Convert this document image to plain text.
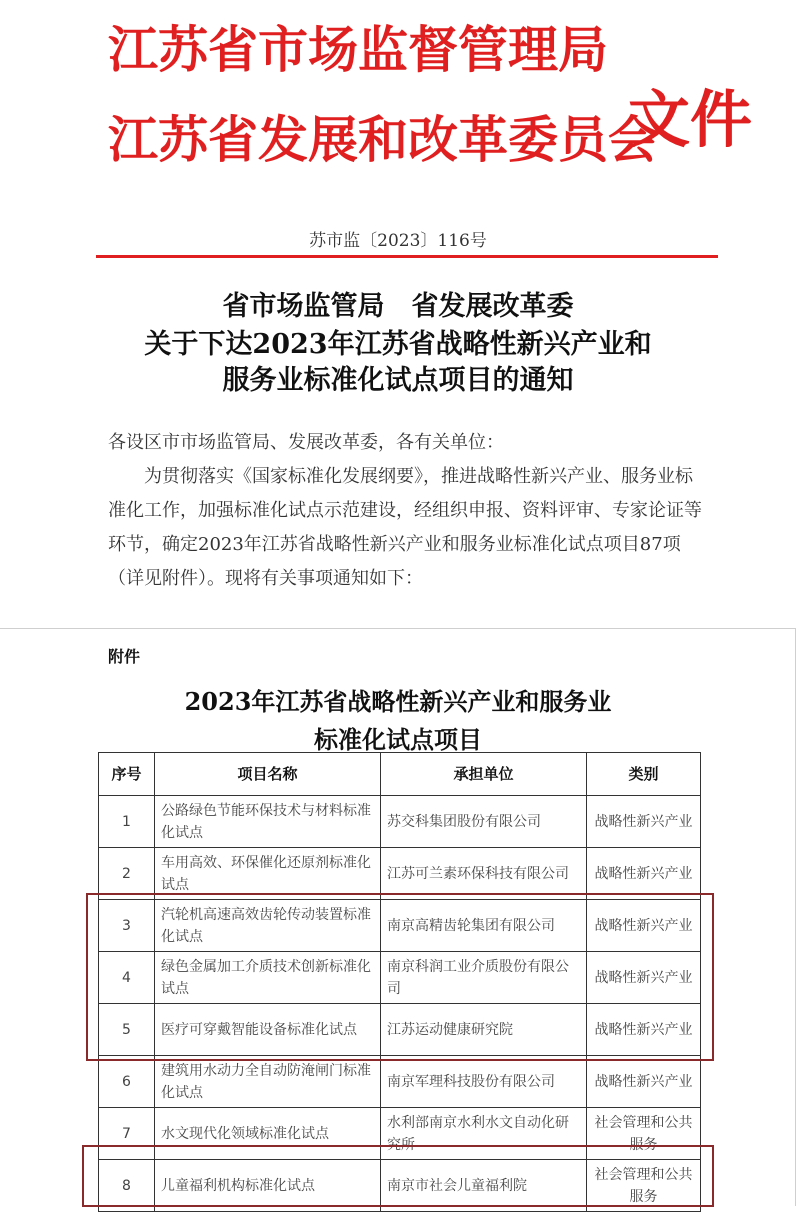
江苏省市场监督管理局
江苏省发展和改革委员会
文件
苏市监〔2023〕116号
省市场监管局　省发展改革委
关于下达2023年江苏省战略性新兴产业和
服务业标准化试点项目的通知
各设区市市场监管局、发展改革委，各有关单位：
　　为贯彻落实《国家标准化发展纲要》，推进战略性新兴产业、服务业标准化工作，加强标准化试点示范建设，经组织申报、资料评审、专家论证等环节，确定2023年江苏省战略性新兴产业和服务业标准化试点项目87项（详见附件）。现将有关事项通知如下：
附件
2023年江苏省战略性新兴产业和服务业
标准化试点项目
序号	项目名称	承担单位	类别
1	公路绿色节能环保技术与材料标准化试点	苏交科集团股份有限公司	战略性新兴产业
2	车用高效、环保催化还原剂标准化试点	江苏可兰素环保科技有限公司	战略性新兴产业
3	汽轮机高速高效齿轮传动装置标准化试点	南京高精齿轮集团有限公司	战略性新兴产业
4	绿色金属加工介质技术创新标准化试点	南京科润工业介质股份有限公司	战略性新兴产业
5	医疗可穿戴智能设备标准化试点	江苏运动健康研究院	战略性新兴产业
6	建筑用水动力全自动防淹闸门标准化试点	南京军理科技股份有限公司	战略性新兴产业
7	水文现代化领域标准化试点	水利部南京水利水文自动化研究所	社会管理和公共服务
8	儿童福利机构标准化试点	南京市社会儿童福利院	社会管理和公共服务
